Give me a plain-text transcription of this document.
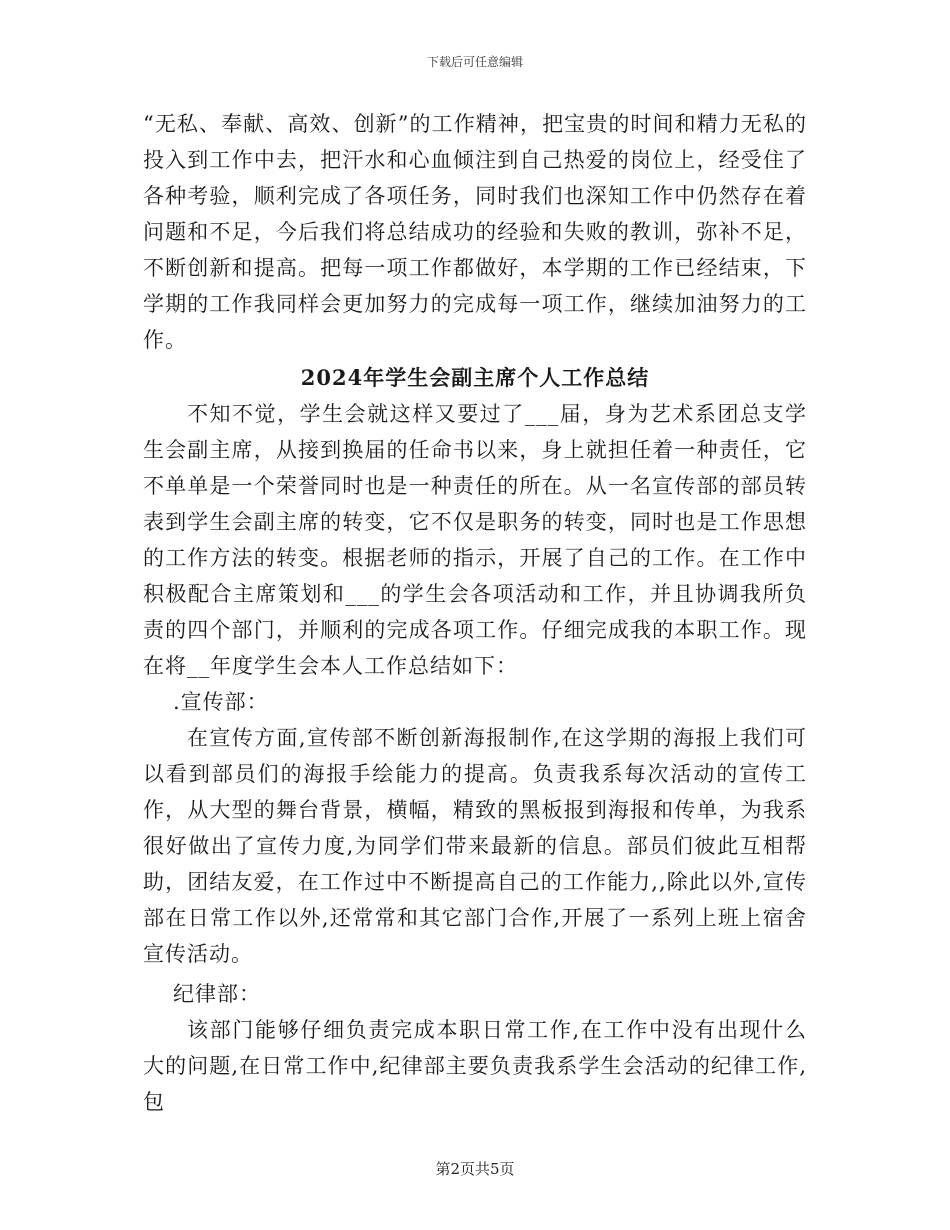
下载后可任意编辑

“无私、奉献、高效、创新”的工作精神，把宝贵的时间和精力无私的投入到工作中去，把汗水和心血倾注到自己热爱的岗位上，经受住了各种考验，顺利完成了各项任务，同时我们也深知工作中仍然存在着问题和不足，今后我们将总结成功的经验和失败的教训，弥补不足，不断创新和提高。把每一项工作都做好，本学期的工作已经结束，下学期的工作我同样会更加努力的完成每一项工作，继续加油努力的工作。

2024年学生会副主席个人工作总结

不知不觉，学生会就这样又要过了___届，身为艺术系团总支学生会副主席，从接到换届的任命书以来，身上就担任着一种责任，它不单单是一个荣誉同时也是一种责任的所在。从一名宣传部的部员转表到学生会副主席的转变，它不仅是职务的转变，同时也是工作思想的工作方法的转变。根据老师的指示，开展了自己的工作。在工作中积极配合主席策划和___的学生会各项活动和工作，并且协调我所负责的四个部门，并顺利的完成各项工作。仔细完成我的本职工作。现在将__年度学生会本人工作总结如下：

.宣传部：

在宣传方面,宣传部不断创新海报制作,在这学期的海报上我们可以看到部员们的海报手绘能力的提高。负责我系每次活动的宣传工作，从大型的舞台背景，横幅，精致的黑板报到海报和传单，为我系很好做出了宣传力度,为同学们带来最新的信息。部员们彼此互相帮助，团结友爱，在工作过中不断提高自己的工作能力,,除此以外,宣传部在日常工作以外,还常常和其它部门合作,开展了一系列上班上宿舍宣传活动。

纪律部：

该部门能够仔细负责完成本职日常工作,在工作中没有出现什么大的问题,在日常工作中,纪律部主要负责我系学生会活动的纪律工作,包

第2页共5页
